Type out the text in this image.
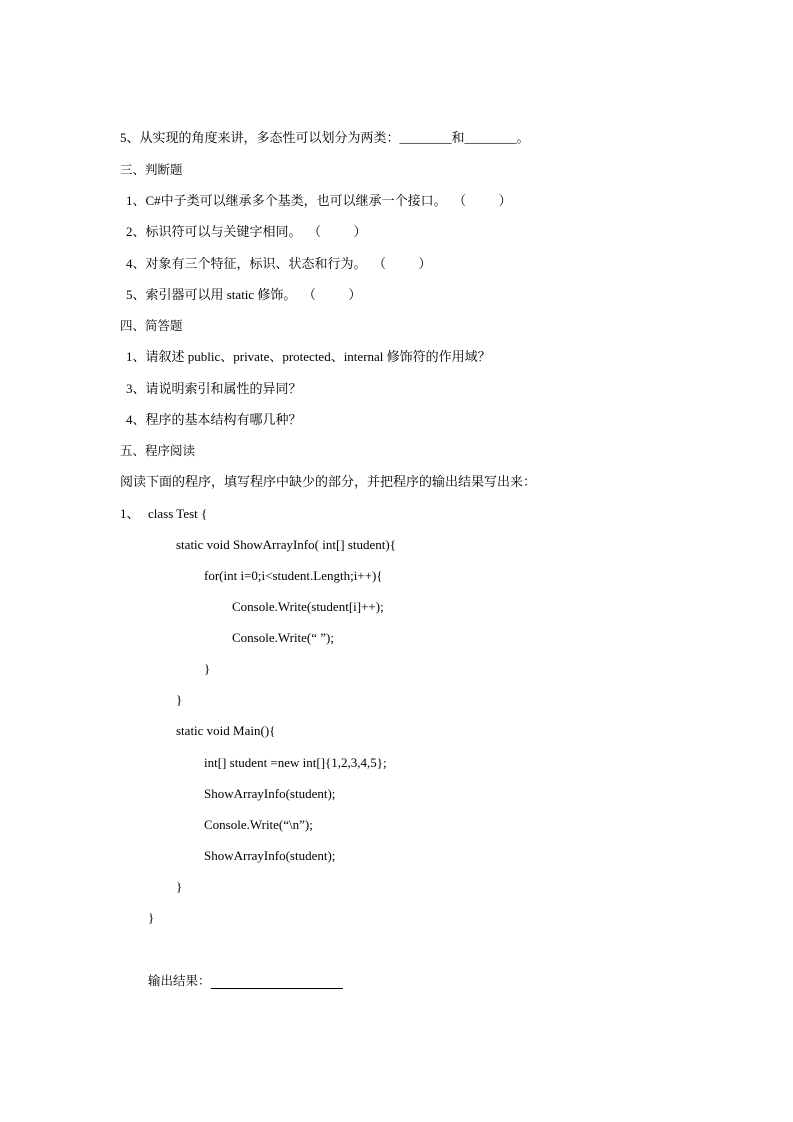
5、从实现的角度来讲，多态性可以划分为两类：________和________。
三、判断题
1、C#中子类可以继承多个基类，也可以继承一个接口。  （          ）
2、标识符可以与关键字相同。  （          ）
4、对象有三个特征，标识、状态和行为。  （          ）
5、索引器可以用 static 修饰。  （          ）
四、简答题
1、请叙述 public、private、protected、internal 修饰符的作用域？
3、请说明索引和属性的异同？
4、程序的基本结构有哪几种？
五、程序阅读
阅读下面的程序，填写程序中缺少的部分，并把程序的输出结果写出来：
1、 class Test {
static void ShowArrayInfo( int[] student){
for(int i=0;i<student.Length;i++){
Console.Write(student[i]++);
Console.Write(“ ”);
}
}
static void Main(){
int[] student =new int[]{1,2,3,4,5};
ShowArrayInfo(student);
Console.Write(“\n”);
ShowArrayInfo(student);
}
}
输出结果：
